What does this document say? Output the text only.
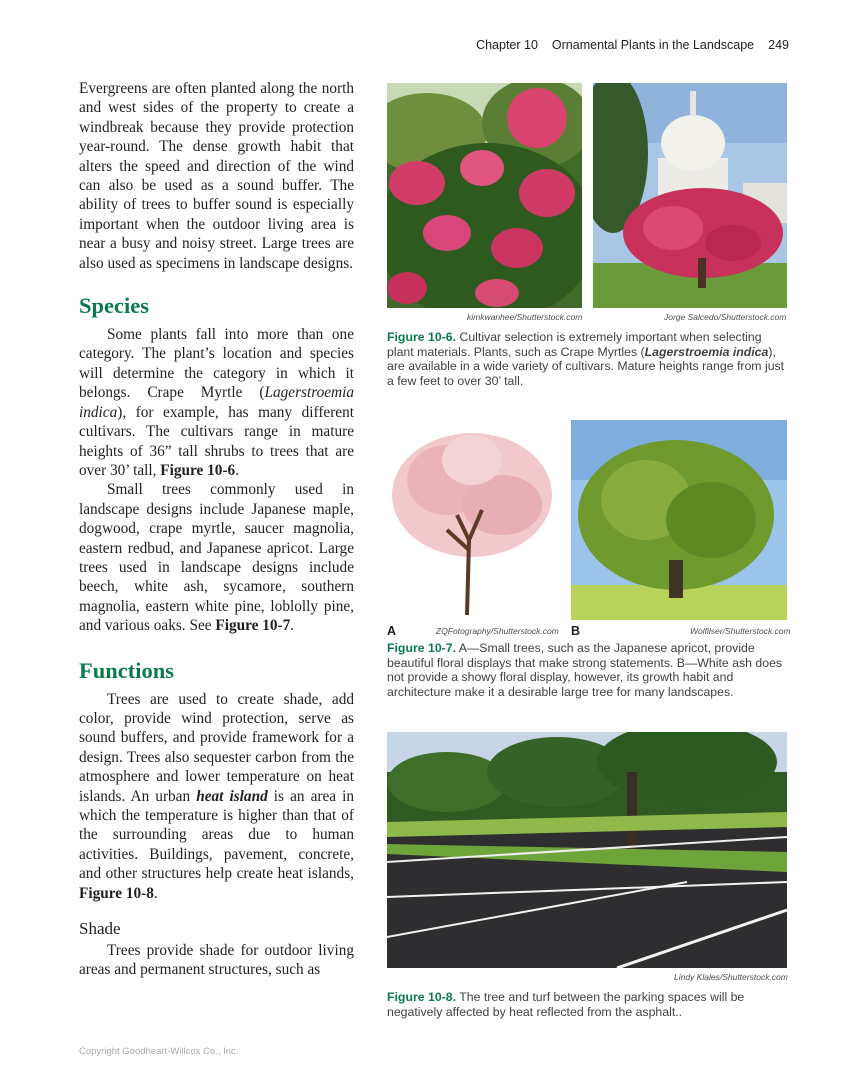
Chapter 10 Ornamental Plants in the Landscape 249

Evergreens are often planted along the north and west sides of the property to create a windbreak because they provide protection year-round. The dense growth habit that alters the speed and direction of the wind can also be used as a sound buffer. The ability of trees to buffer sound is especially important when the outdoor living area is near a busy and noisy street. Large trees are also used as specimens in landscape designs.

Species

Some plants fall into more than one category. The plant’s location and species will determine the category in which it belongs. Crape Myrtle (Lagerstroemia indica), for example, has many different cultivars. The cultivars range in mature heights of 36” tall shrubs to trees that are over 30’ tall, Figure 10-6.

Small trees commonly used in landscape designs include Japanese maple, dogwood, crape myrtle, saucer magnolia, eastern redbud, and Japanese apricot. Large trees used in landscape designs include beech, white ash, sycamore, southern magnolia, eastern white pine, loblolly pine, and various oaks. See Figure 10-7.

Functions

Trees are used to create shade, add color, provide wind protection, serve as sound buffers, and provide framework for a design. Trees also sequester carbon from the atmosphere and lower temperature on heat islands. An urban heat island is an area in which the temperature is higher than that of the surrounding areas due to human activities. Buildings, pavement, concrete, and other structures help create heat islands, Figure 10-8.

Shade

Trees provide shade for outdoor living areas and permanent structures, such as

kimkwanhee/Shutterstock.com	Jorge Salcedo/Shutterstock.com
Figure 10-6. Cultivar selection is extremely important when selecting plant materials. Plants, such as Crape Myrtles (Lagerstroemia indica), are available in a wide variety of cultivars. Mature heights range from just a few feet to over 30’ tall.
A	ZQFotography/Shutterstock.com B	Wolfilser/Shutterstock.com
Figure 10-7. A—Small trees, such as the Japanese apricot, provide beautiful floral displays that make strong statements. B—White ash does not provide a showy floral display, however, its growth habit and architecture make it a desirable large tree for many landscapes.
Lindy Klales/Shutterstock.com
Figure 10-8. The tree and turf between the parking spaces will be negatively affected by heat reflected from the asphalt..
Copyright Goodheart-Willcox Co., Inc.
